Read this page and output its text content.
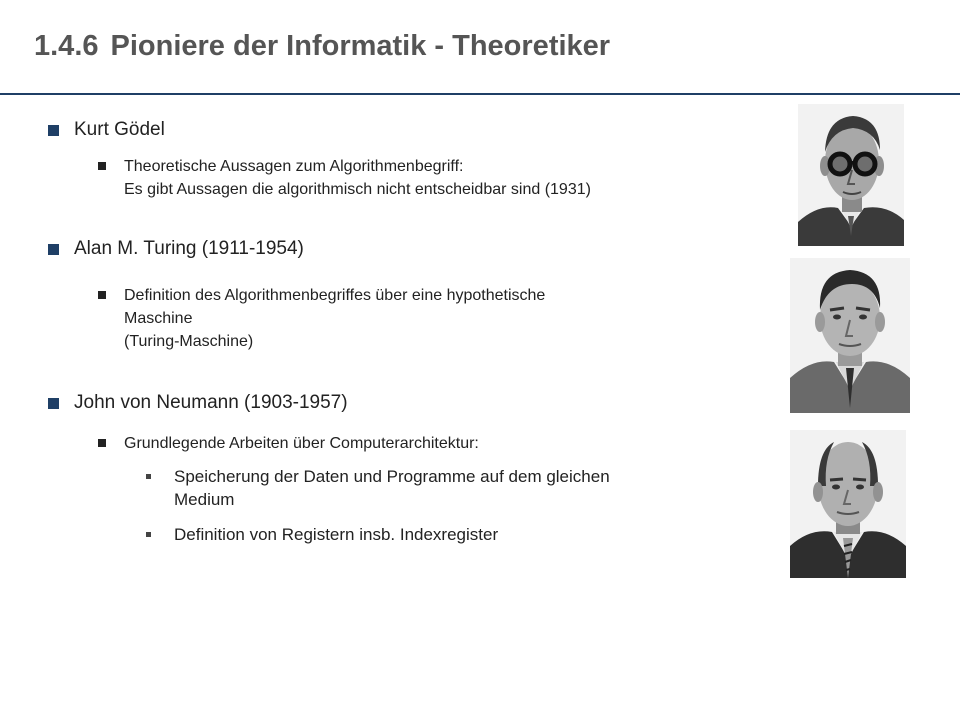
1.4.6 Pioniere der Informatik - Theoretiker
Kurt Gödel
Theoretische Aussagen zum Algorithmenbegriff:
Es gibt Aussagen die algorithmisch nicht entscheidbar sind (1931)
Alan M. Turing (1911-1954)
Definition des Algorithmenbegriffes über eine hypothetische
Maschine
(Turing-Maschine)
John von Neumann (1903-1957)
Grundlegende Arbeiten über Computerarchitektur:
Speicherung der Daten und Programme auf dem gleichen
Medium
Definition von Registern insb. Indexregister
